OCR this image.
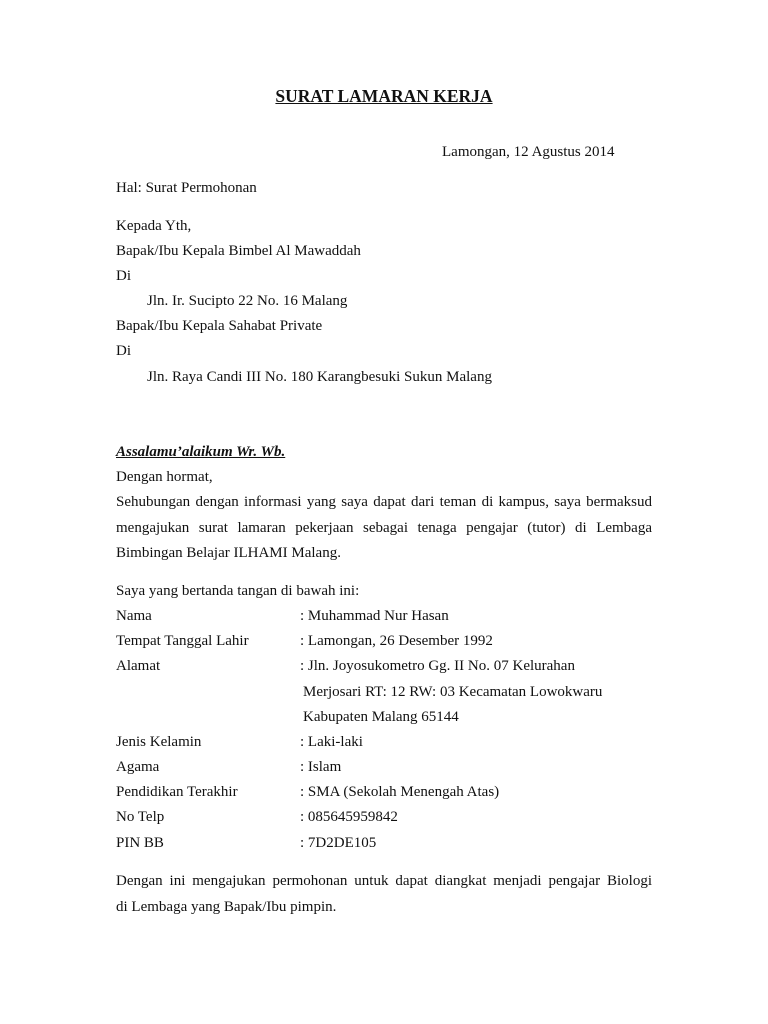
SURAT LAMARAN KERJA
Lamongan, 12 Agustus 2014
Hal: Surat Permohonan
Kepada Yth,
Bapak/Ibu Kepala Bimbel Al Mawaddah
Di
Jln. Ir. Sucipto 22 No. 16 Malang
Bapak/Ibu Kepala Sahabat Private
Di
Jln. Raya Candi III No. 180 Karangbesuki Sukun Malang
Assalamu’alaikum Wr. Wb.
Dengan hormat,
Sehubungan dengan informasi yang saya dapat dari teman di kampus, saya bermaksud
mengajukan surat lamaran pekerjaan sebagai tenaga pengajar (tutor) di Lembaga
Bimbingan Belajar ILHAMI Malang.
Saya yang bertanda tangan di bawah ini:
Nama	: Muhammad Nur Hasan
Tempat Tanggal Lahir	: Lamongan, 26 Desember 1992
Alamat	: Jln. Joyosukometro Gg. II No. 07 Kelurahan
Merjosari RT: 12 RW: 03 Kecamatan Lowokwaru
Kabupaten Malang 65144
Jenis Kelamin	: Laki-laki
Agama	: Islam
Pendidikan Terakhir	: SMA (Sekolah Menengah Atas)
No Telp	: 085645959842
PIN BB	: 7D2DE105
Dengan ini mengajukan permohonan untuk dapat diangkat menjadi pengajar Biologi
di Lembaga yang Bapak/Ibu pimpin.
